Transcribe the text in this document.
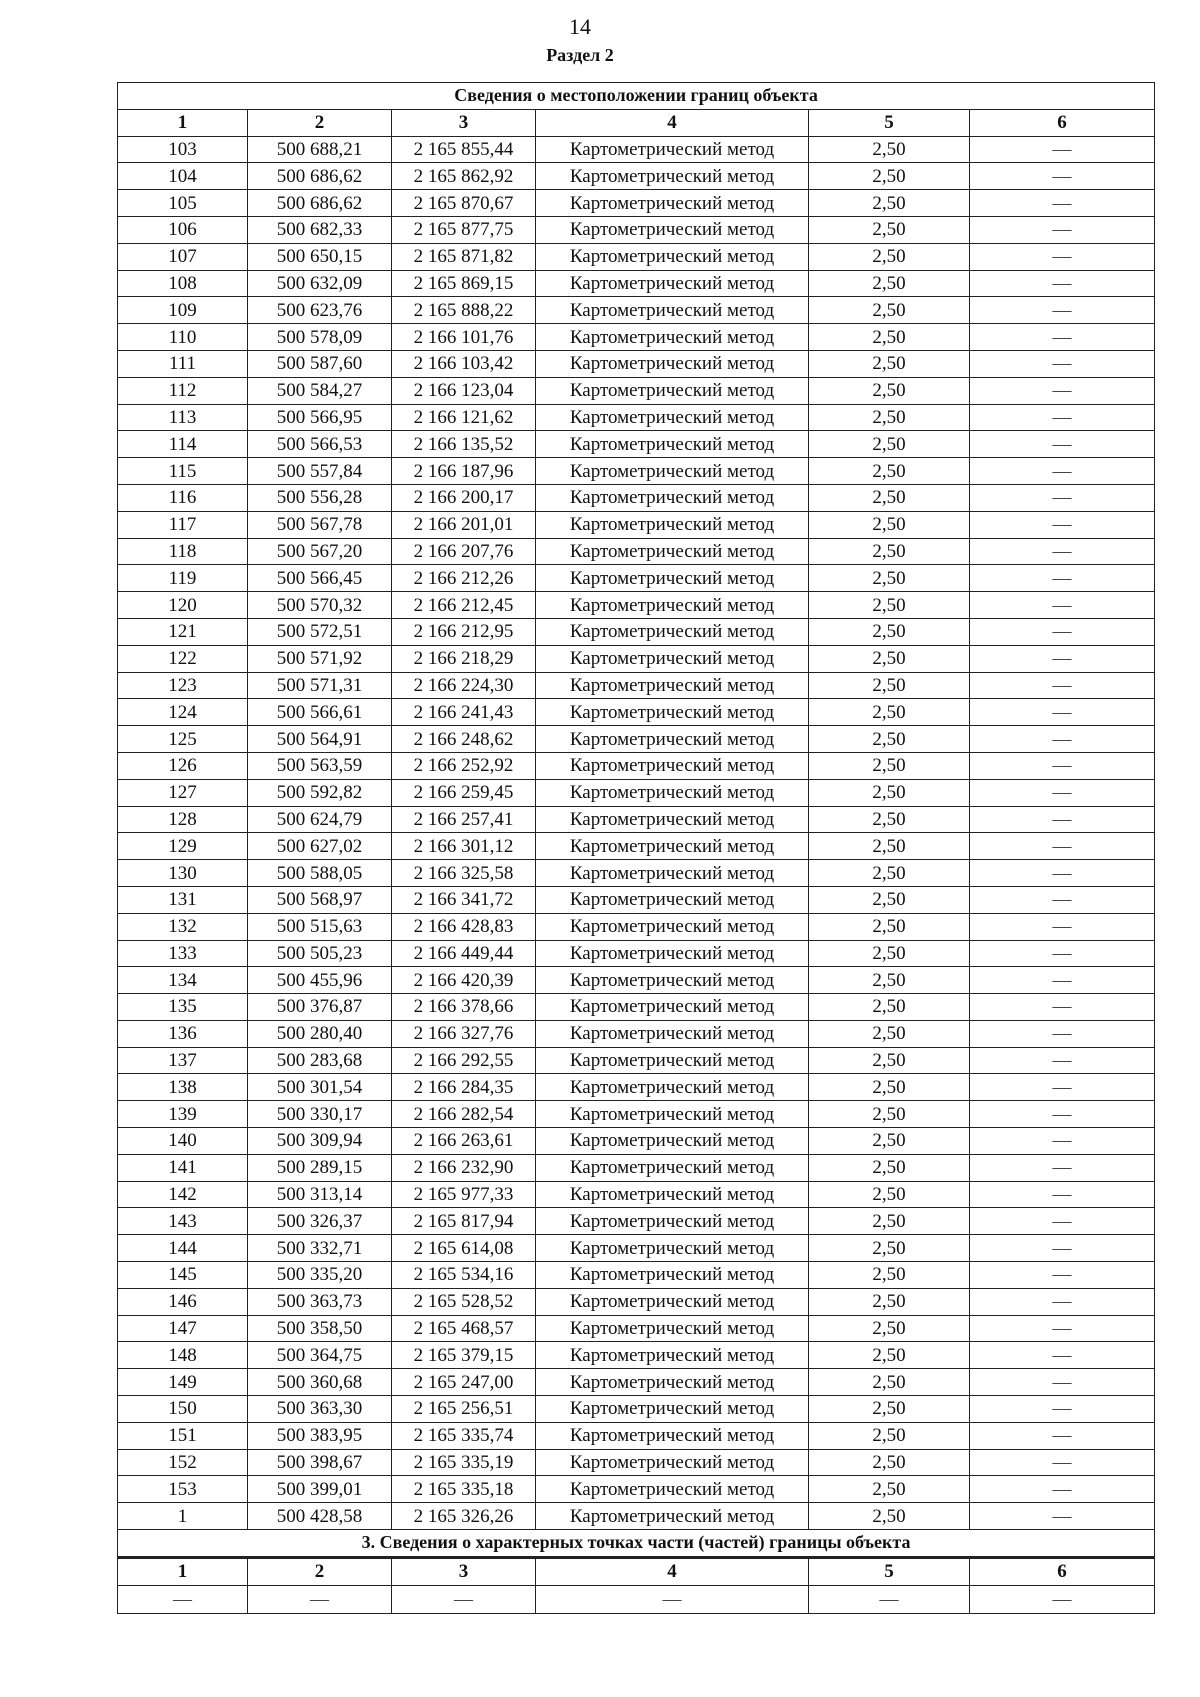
14
Раздел 2
Сведения о местоположении границ объекта					
1	2	3	4	5	6
103	500 688,21	2 165 855,44	Картометрический метод	2,50	—
104	500 686,62	2 165 862,92	Картометрический метод	2,50	—
105	500 686,62	2 165 870,67	Картометрический метод	2,50	—
106	500 682,33	2 165 877,75	Картометрический метод	2,50	—
107	500 650,15	2 165 871,82	Картометрический метод	2,50	—
108	500 632,09	2 165 869,15	Картометрический метод	2,50	—
109	500 623,76	2 165 888,22	Картометрический метод	2,50	—
110	500 578,09	2 166 101,76	Картометрический метод	2,50	—
111	500 587,60	2 166 103,42	Картометрический метод	2,50	—
112	500 584,27	2 166 123,04	Картометрический метод	2,50	—
113	500 566,95	2 166 121,62	Картометрический метод	2,50	—
114	500 566,53	2 166 135,52	Картометрический метод	2,50	—
115	500 557,84	2 166 187,96	Картометрический метод	2,50	—
116	500 556,28	2 166 200,17	Картометрический метод	2,50	—
117	500 567,78	2 166 201,01	Картометрический метод	2,50	—
118	500 567,20	2 166 207,76	Картометрический метод	2,50	—
119	500 566,45	2 166 212,26	Картометрический метод	2,50	—
120	500 570,32	2 166 212,45	Картометрический метод	2,50	—
121	500 572,51	2 166 212,95	Картометрический метод	2,50	—
122	500 571,92	2 166 218,29	Картометрический метод	2,50	—
123	500 571,31	2 166 224,30	Картометрический метод	2,50	—
124	500 566,61	2 166 241,43	Картометрический метод	2,50	—
125	500 564,91	2 166 248,62	Картометрический метод	2,50	—
126	500 563,59	2 166 252,92	Картометрический метод	2,50	—
127	500 592,82	2 166 259,45	Картометрический метод	2,50	—
128	500 624,79	2 166 257,41	Картометрический метод	2,50	—
129	500 627,02	2 166 301,12	Картометрический метод	2,50	—
130	500 588,05	2 166 325,58	Картометрический метод	2,50	—
131	500 568,97	2 166 341,72	Картометрический метод	2,50	—
132	500 515,63	2 166 428,83	Картометрический метод	2,50	—
133	500 505,23	2 166 449,44	Картометрический метод	2,50	—
134	500 455,96	2 166 420,39	Картометрический метод	2,50	—
135	500 376,87	2 166 378,66	Картометрический метод	2,50	—
136	500 280,40	2 166 327,76	Картометрический метод	2,50	—
137	500 283,68	2 166 292,55	Картометрический метод	2,50	—
138	500 301,54	2 166 284,35	Картометрический метод	2,50	—
139	500 330,17	2 166 282,54	Картометрический метод	2,50	—
140	500 309,94	2 166 263,61	Картометрический метод	2,50	—
141	500 289,15	2 166 232,90	Картометрический метод	2,50	—
142	500 313,14	2 165 977,33	Картометрический метод	2,50	—
143	500 326,37	2 165 817,94	Картометрический метод	2,50	—
144	500 332,71	2 165 614,08	Картометрический метод	2,50	—
145	500 335,20	2 165 534,16	Картометрический метод	2,50	—
146	500 363,73	2 165 528,52	Картометрический метод	2,50	—
147	500 358,50	2 165 468,57	Картометрический метод	2,50	—
148	500 364,75	2 165 379,15	Картометрический метод	2,50	—
149	500 360,68	2 165 247,00	Картометрический метод	2,50	—
150	500 363,30	2 165 256,51	Картометрический метод	2,50	—
151	500 383,95	2 165 335,74	Картометрический метод	2,50	—
152	500 398,67	2 165 335,19	Картометрический метод	2,50	—
153	500 399,01	2 165 335,18	Картометрический метод	2,50	—
1	500 428,58	2 165 326,26	Картометрический метод	2,50	—
3. Сведения о характерных точках части (частей) границы объекта					
1	2	3	4	5	6
—	—	—	—	—	—
